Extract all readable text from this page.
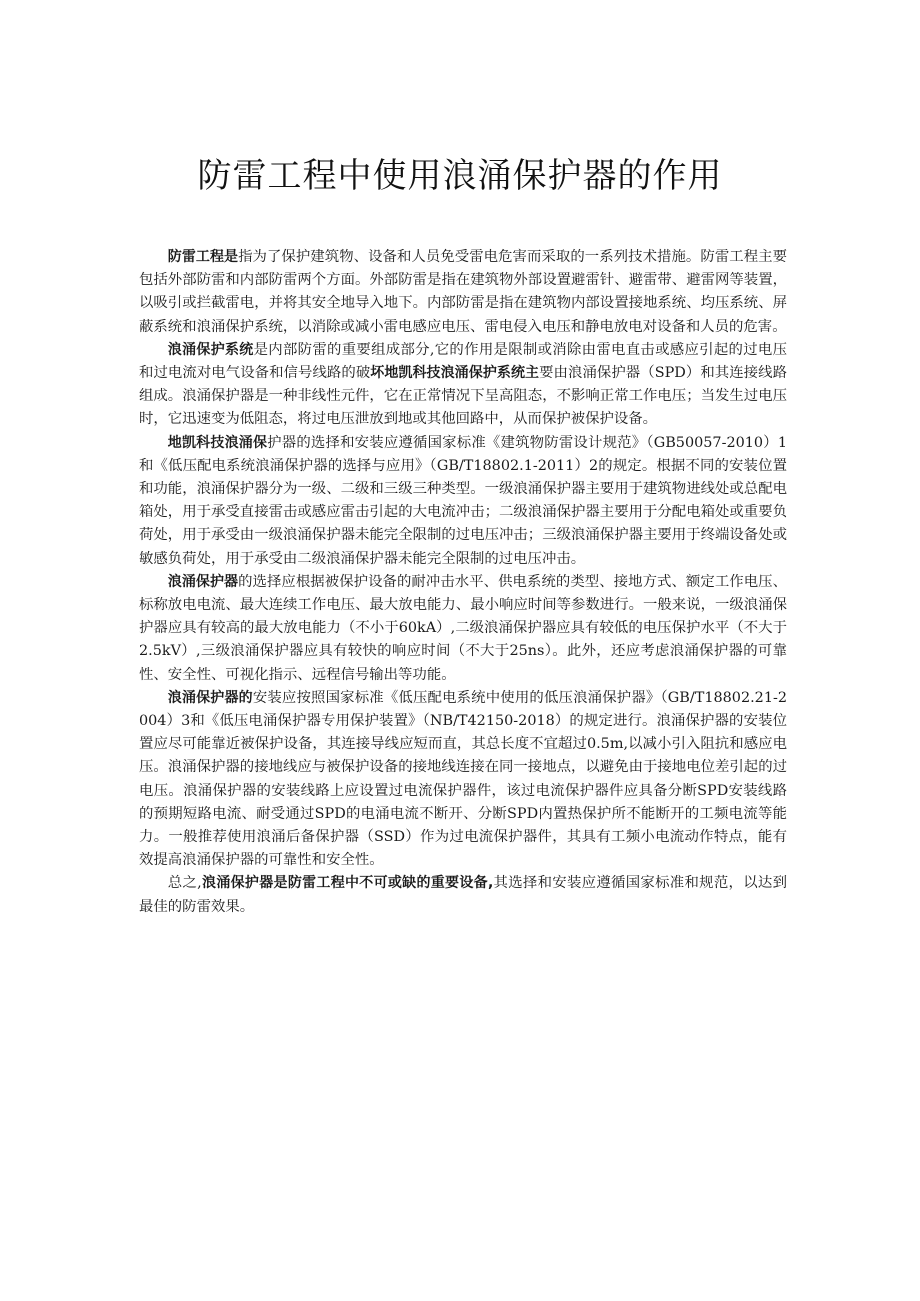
防雷工程中使用浪涌保护器的作用

防雷工程是指为了保护建筑物、设备和人员免受雷电危害而采取的一系列技术措施。防雷工程主要包括外部防雷和内部防雷两个方面。外部防雷是指在建筑物外部设置避雷针、避雷带、避雷网等装置，以吸引或拦截雷电，并将其安全地导入地下。内部防雷是指在建筑物内部设置接地系统、均压系统、屏蔽系统和浪涌保护系统，以消除或减小雷电感应电压、雷电侵入电压和静电放电对设备和人员的危害。

浪涌保护系统是内部防雷的重要组成部分,它的作用是限制或消除由雷电直击或感应引起的过电压和过电流对电气设备和信号线路的破坏地凯科技浪涌保护系统主要由浪涌保护器（SPD）和其连接线路组成。浪涌保护器是一种非线性元件，它在正常情况下呈高阻态，不影响正常工作电压；当发生过电压时，它迅速变为低阻态，将过电压泄放到地或其他回路中，从而保护被保护设备。

地凯科技浪涌保护器的选择和安装应遵循国家标准《建筑物防雷设计规范》（GB50057-2010）1和《低压配电系统浪涌保护器的选择与应用》（GB/T18802.1-2011）2的规定。根据不同的安装位置和功能，浪涌保护器分为一级、二级和三级三种类型。一级浪涌保护器主要用于建筑物进线处或总配电箱处，用于承受直接雷击或感应雷击引起的大电流冲击；二级浪涌保护器主要用于分配电箱处或重要负荷处，用于承受由一级浪涌保护器未能完全限制的过电压冲击；三级浪涌保护器主要用于终端设备处或敏感负荷处，用于承受由二级浪涌保护器未能完全限制的过电压冲击。

浪涌保护器的选择应根据被保护设备的耐冲击水平、供电系统的类型、接地方式、额定工作电压、标称放电电流、最大连续工作电压、最大放电能力、最小响应时间等参数进行。一般来说，一级浪涌保护器应具有较高的最大放电能力（不小于60kA）,二级浪涌保护器应具有较低的电压保护水平（不大于2.5kV）,三级浪涌保护器应具有较快的响应时间（不大于25ns）。此外，还应考虑浪涌保护器的可靠性、安全性、可视化指示、远程信号输出等功能。

浪涌保护器的安装应按照国家标准《低压配电系统中使用的低压浪涌保护器》（GB/T18802.21-2004）3和《低压电涌保护器专用保护装置》（NB/T42150-2018）的规定进行。浪涌保护器的安装位置应尽可能靠近被保护设备，其连接导线应短而直，其总长度不宜超过0.5m,以减小引入阻抗和感应电压。浪涌保护器的接地线应与被保护设备的接地线连接在同一接地点，以避免由于接地电位差引起的过电压。浪涌保护器的安装线路上应设置过电流保护器件，该过电流保护器件应具备分断SPD安装线路的预期短路电流、耐受通过SPD的电涌电流不断开、分断SPD内置热保护所不能断开的工频电流等能力。一般推荐使用浪涌后备保护器（SSD）作为过电流保护器件，其具有工频小电流动作特点，能有效提高浪涌保护器的可靠性和安全性。

总之,浪涌保护器是防雷工程中不可或缺的重要设备,其选择和安装应遵循国家标准和规范，以达到最佳的防雷效果。
